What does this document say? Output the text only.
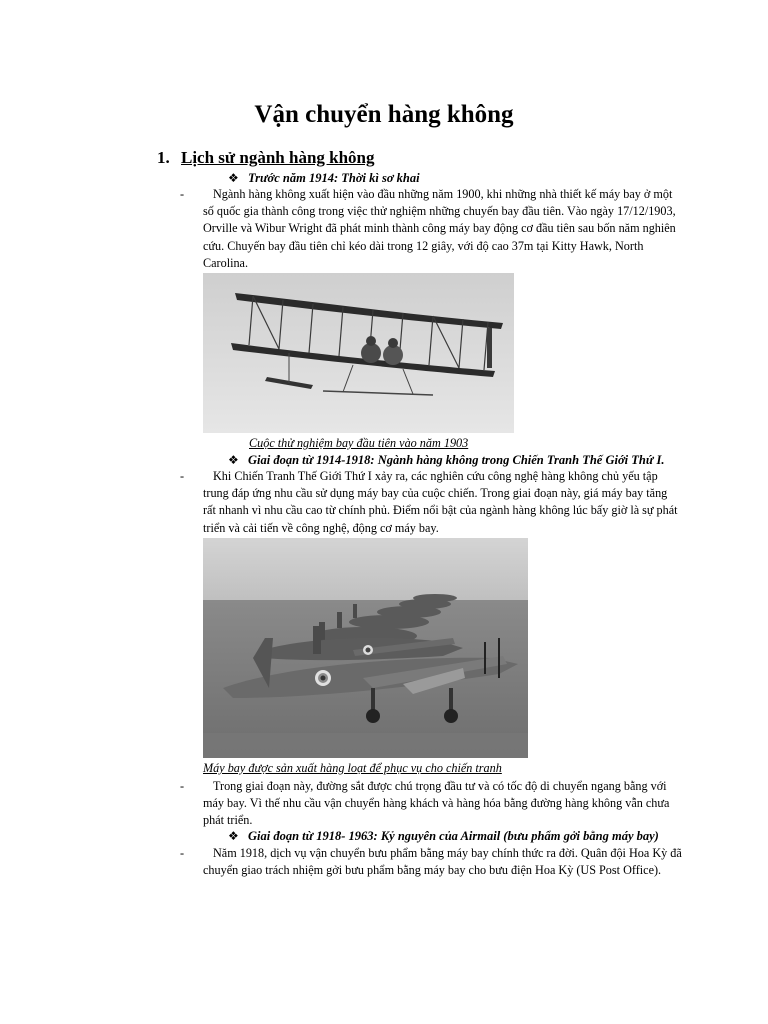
Vận chuyển hàng không
1. Lịch sử ngành hàng không
❖ Trước năm 1914: Thời kì sơ khai
-	Ngành hàng không xuất hiện vào đầu những năm 1900, khi những nhà thiết kế máy bay ở một số quốc gia thành công trong việc thử nghiệm những chuyến bay đầu tiên. Vào ngày 17/12/1903, Orville và Wibur Wright đã phát minh thành công máy bay động cơ đầu tiên sau bốn năm nghiên cứu. Chuyến bay đầu tiên chỉ kéo dài trong 12 giây, với độ cao 37m tại Kitty Hawk, North Carolina.

Cuộc thử nghiệm bay đầu tiên vào năm 1903
❖ Giai đoạn từ 1914-1918: Ngành hàng không trong Chiến Tranh Thế Giới Thứ I.
-	Khi Chiến Tranh Thế Giới Thứ I xảy ra, các nghiên cứu công nghệ hàng không chủ yếu tập trung đáp ứng nhu cầu sử dụng máy bay của cuộc chiến. Trong giai đoạn này, giá máy bay tăng rất nhanh vì nhu cầu cao từ chính phủ. Điểm nổi bật của ngành hàng không lúc bấy giờ là sự phát triển và cải tiến về công nghệ, động cơ máy bay.

Máy bay được sản xuất hàng loạt để phục vụ cho chiến tranh
-	Trong giai đoạn này, đường sắt được chú trọng đầu tư và có tốc độ di chuyển ngang bằng với máy bay. Vì thế nhu cầu vận chuyển hàng khách và hàng hóa bằng đường hàng không vẫn chưa phát triển.

❖ Giai đoạn từ 1918- 1963: Kỷ nguyên của Airmail (bưu phẩm gởi bằng máy bay)
-	Năm 1918, dịch vụ vận chuyển bưu phẩm bằng máy bay chính thức ra đời. Quân đội Hoa Kỳ đã chuyển giao trách nhiệm gởi bưu phẩm bằng máy bay cho bưu điện Hoa Kỳ (US Post Office).
